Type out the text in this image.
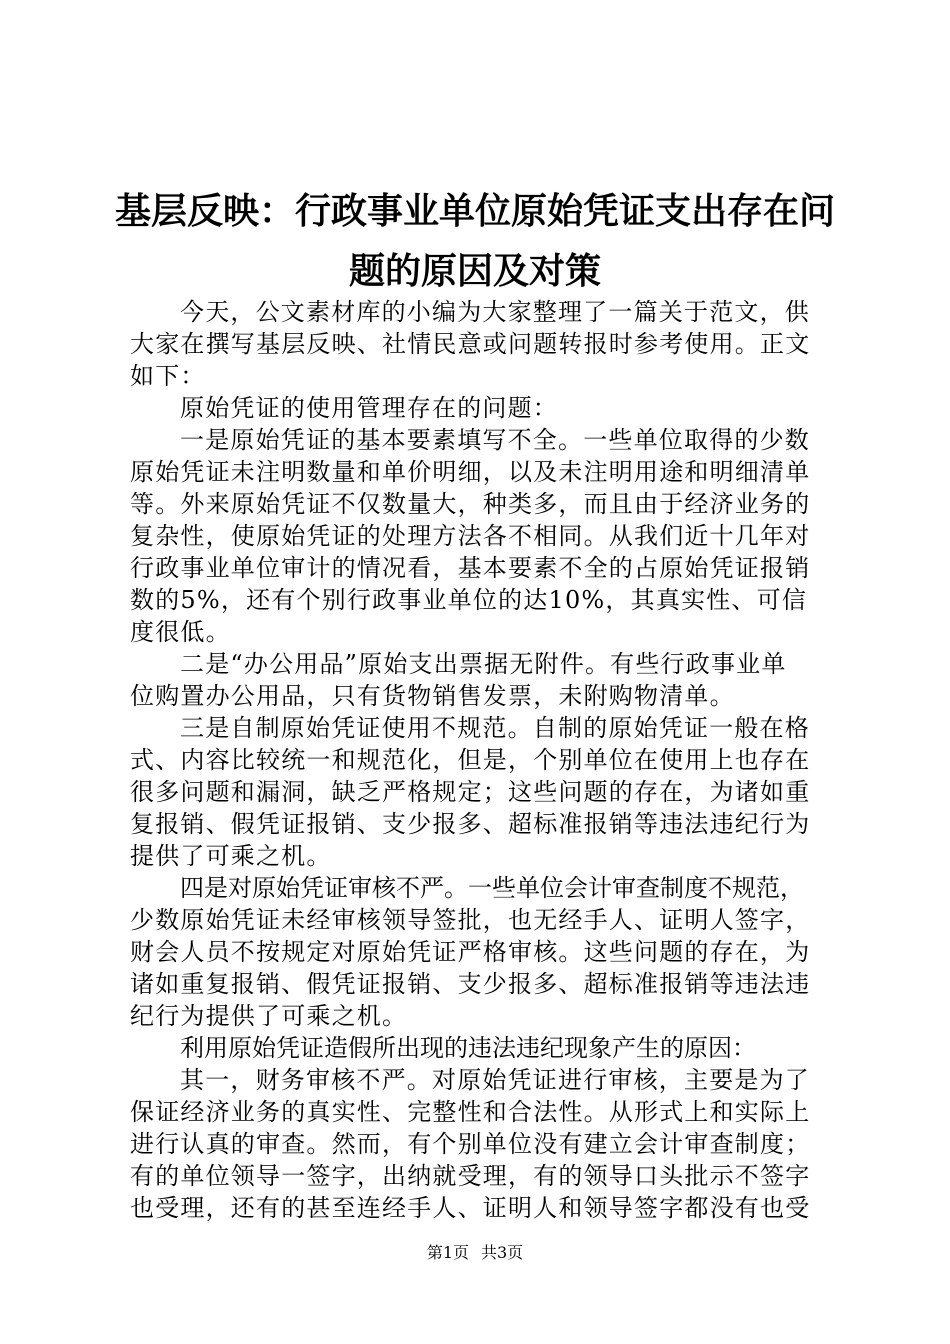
基层反映：行政事业单位原始凭证支出存在问
题的原因及对策
今天，公文素材库的小编为大家整理了一篇关于范文，供
大家在撰写基层反映、社情民意或问题转报时参考使用。正文
如下：
原始凭证的使用管理存在的问题：
一是原始凭证的基本要素填写不全。一些单位取得的少数
原始凭证未注明数量和单价明细，以及未注明用途和明细清单
等。外来原始凭证不仅数量大，种类多，而且由于经济业务的
复杂性，使原始凭证的处理方法各不相同。从我们近十几年对
行政事业单位审计的情况看，基本要素不全的占原始凭证报销
数的5%，还有个别行政事业单位的达10%，其真实性、可信
度很低。
二是“办公用品”原始支出票据无附件。有些行政事业单
位购置办公用品，只有货物销售发票，未附购物清单。
三是自制原始凭证使用不规范。自制的原始凭证一般在格
式、内容比较统一和规范化，但是，个别单位在使用上也存在
很多问题和漏洞，缺乏严格规定；这些问题的存在，为诸如重
复报销、假凭证报销、支少报多、超标准报销等违法违纪行为
提供了可乘之机。
四是对原始凭证审核不严。一些单位会计审查制度不规范，
少数原始凭证未经审核领导签批，也无经手人、证明人签字，
财会人员不按规定对原始凭证严格审核。这些问题的存在，为
诸如重复报销、假凭证报销、支少报多、超标准报销等违法违
纪行为提供了可乘之机。
利用原始凭证造假所出现的违法违纪现象产生的原因：
其一，财务审核不严。对原始凭证进行审核，主要是为了
保证经济业务的真实性、完整性和合法性。从形式上和实际上
进行认真的审查。然而，有个别单位没有建立会计审查制度；
有的单位领导一签字，出纳就受理，有的领导口头批示不签字
也受理，还有的甚至连经手人、证明人和领导签字都没有也受
第1页 共3页
